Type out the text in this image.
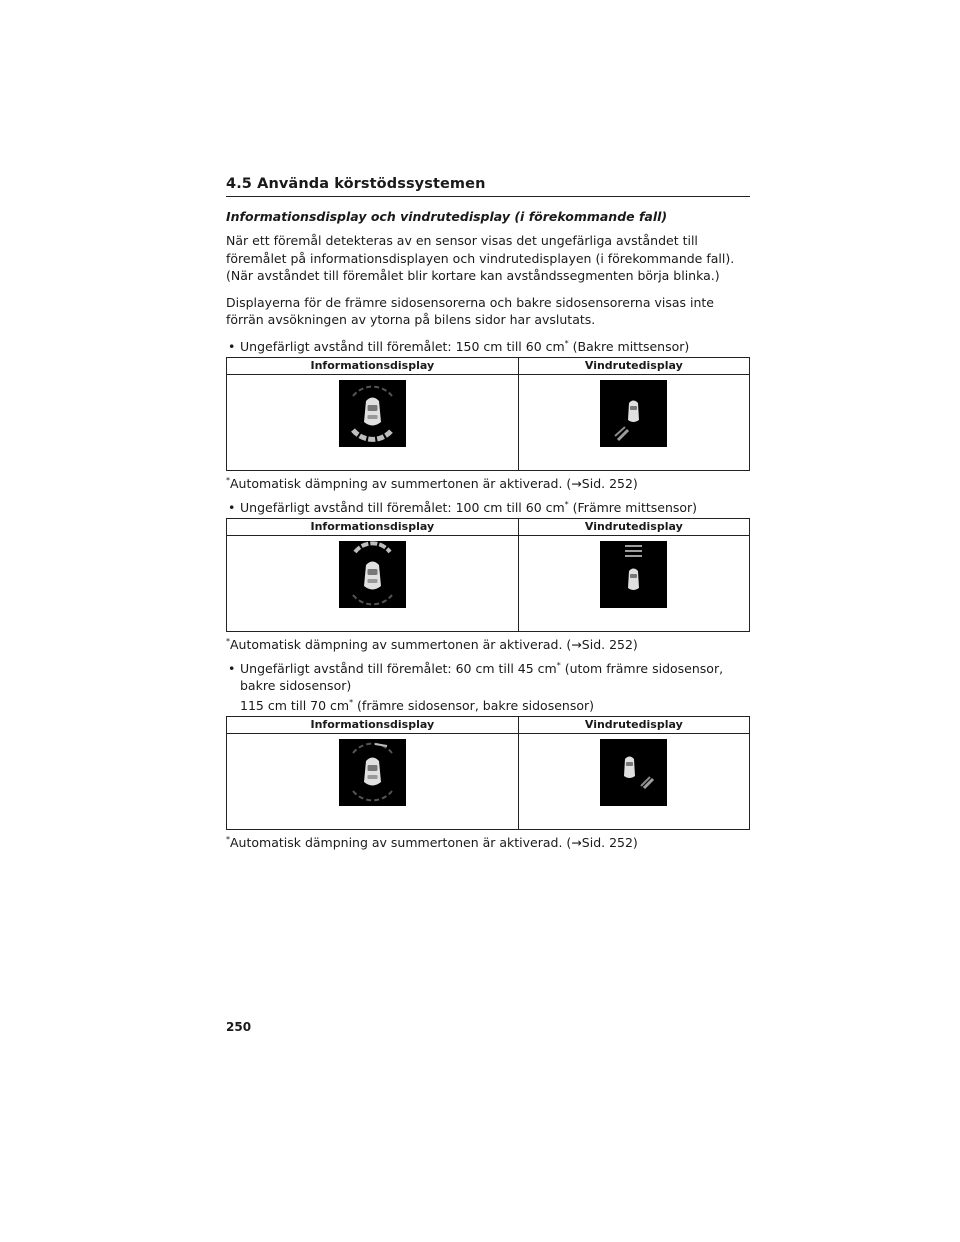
4.5 Använda körstödssystemen
Informationsdisplay och vindrutedisplay (i förekommande fall)

När ett föremål detekteras av en sensor visas det ungefärliga avståndet till föremålet på informationsdisplayen och vindrutedisplayen (i förekommande fall). (När avståndet till föremålet blir kortare kan avståndssegmenten börja blinka.)

Displayerna för de främre sidosensorerna och bakre sidosensorerna visas inte förrän avsökningen av ytorna på bilens sidor har avslutats.

• Ungefärligt avstånd till föremålet: 150 cm till 60 cm* (Bakre mittsensor)
Informationsdisplay	Vindrutedisplay

*Automatisk dämpning av summertonen är aktiverad. (→Sid. 252)
• Ungefärligt avstånd till föremålet: 100 cm till 60 cm* (Främre mittsensor)
Informationsdisplay	Vindrutedisplay

*Automatisk dämpning av summertonen är aktiverad. (→Sid. 252)
• Ungefärligt avstånd till föremålet: 60 cm till 45 cm* (utom främre sidosensor, bakre sidosensor)
115 cm till 70 cm* (främre sidosensor, bakre sidosensor)
Informationsdisplay	Vindrutedisplay

*Automatisk dämpning av summertonen är aktiverad. (→Sid. 252)
250
